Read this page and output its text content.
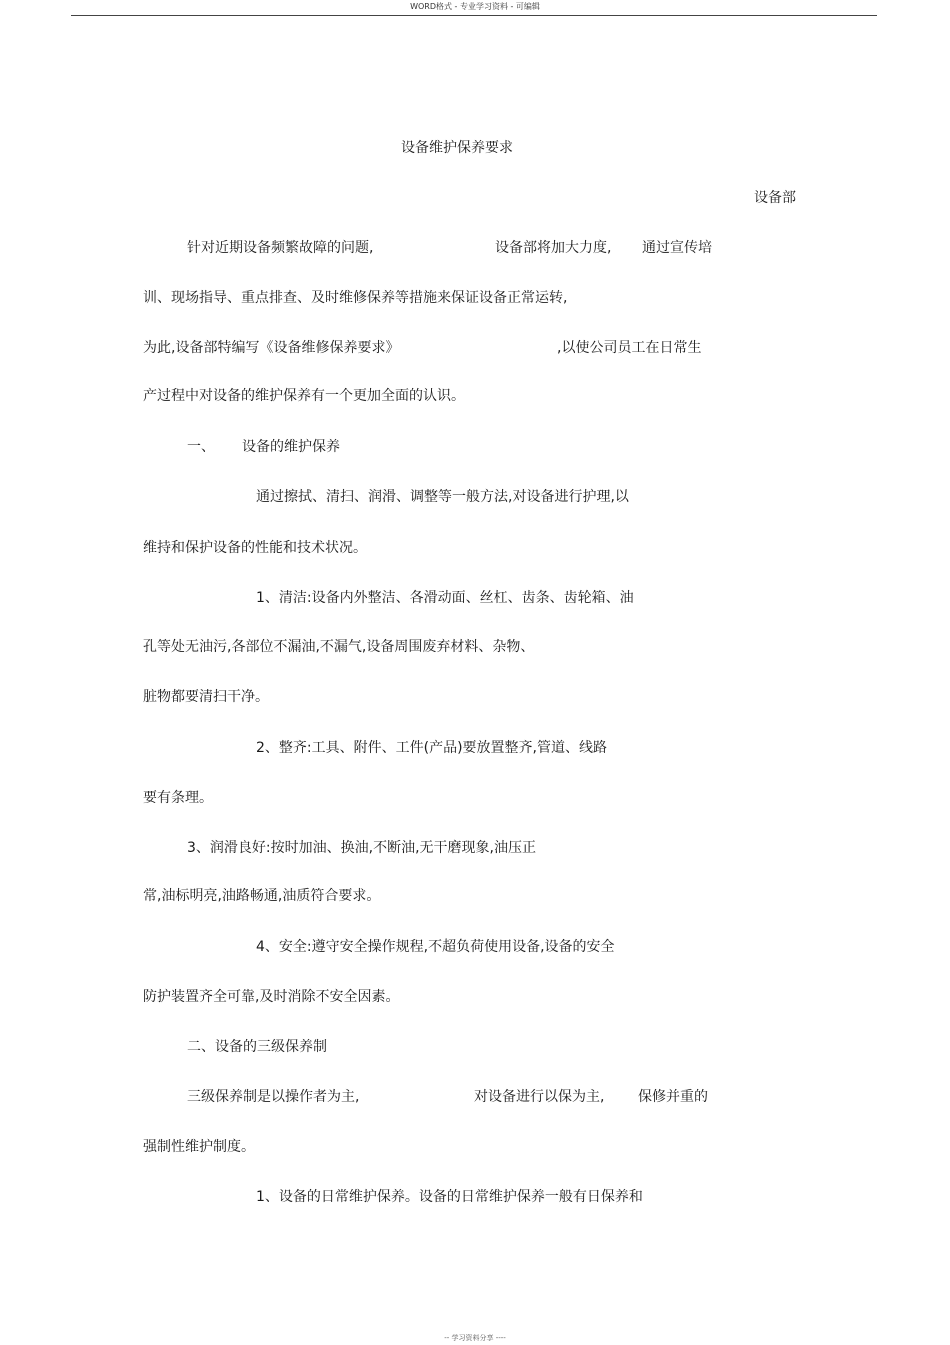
WORD格式 - 专业学习资料 - 可编辑
设备维护保养要求
设备部
针对近期设备频繁故障的问题,	设备部将加大力度, 通过宣传培
训、现场指导、重点排查、及时维修保养等措施来保证设备正常运转,
为此,设备部特编写《设备维修保养要求》	,以使公司员工在日常生
产过程中对设备的维护保养有一个更加全面的认识。
一、 设备的维护保养
通过擦拭、清扫、润滑、调整等一般方法,对设备进行护理,以
维持和保护设备的性能和技术状况。
1、清洁:设备内外整洁、各滑动面、丝杠、齿条、齿轮箱、油
孔等处无油污,各部位不漏油,不漏气,设备周围废弃材料、杂物、
脏物都要清扫干净。
2、整齐:工具、附件、工件(产品)要放置整齐,管道、线路
要有条理。
3、润滑良好:按时加油、换油,不断油,无干磨现象,油压正
常,油标明亮,油路畅通,油质符合要求。
4、安全:遵守安全操作规程,不超负荷使用设备,设备的安全
防护装置齐全可靠,及时消除不安全因素。
二、设备的三级保养制
三级保养制是以操作者为主,	对设备进行以保为主, 保修并重的
强制性维护制度。
1、设备的日常维护保养。设备的日常维护保养一般有日保养和
-- 学习资料分享 ----
